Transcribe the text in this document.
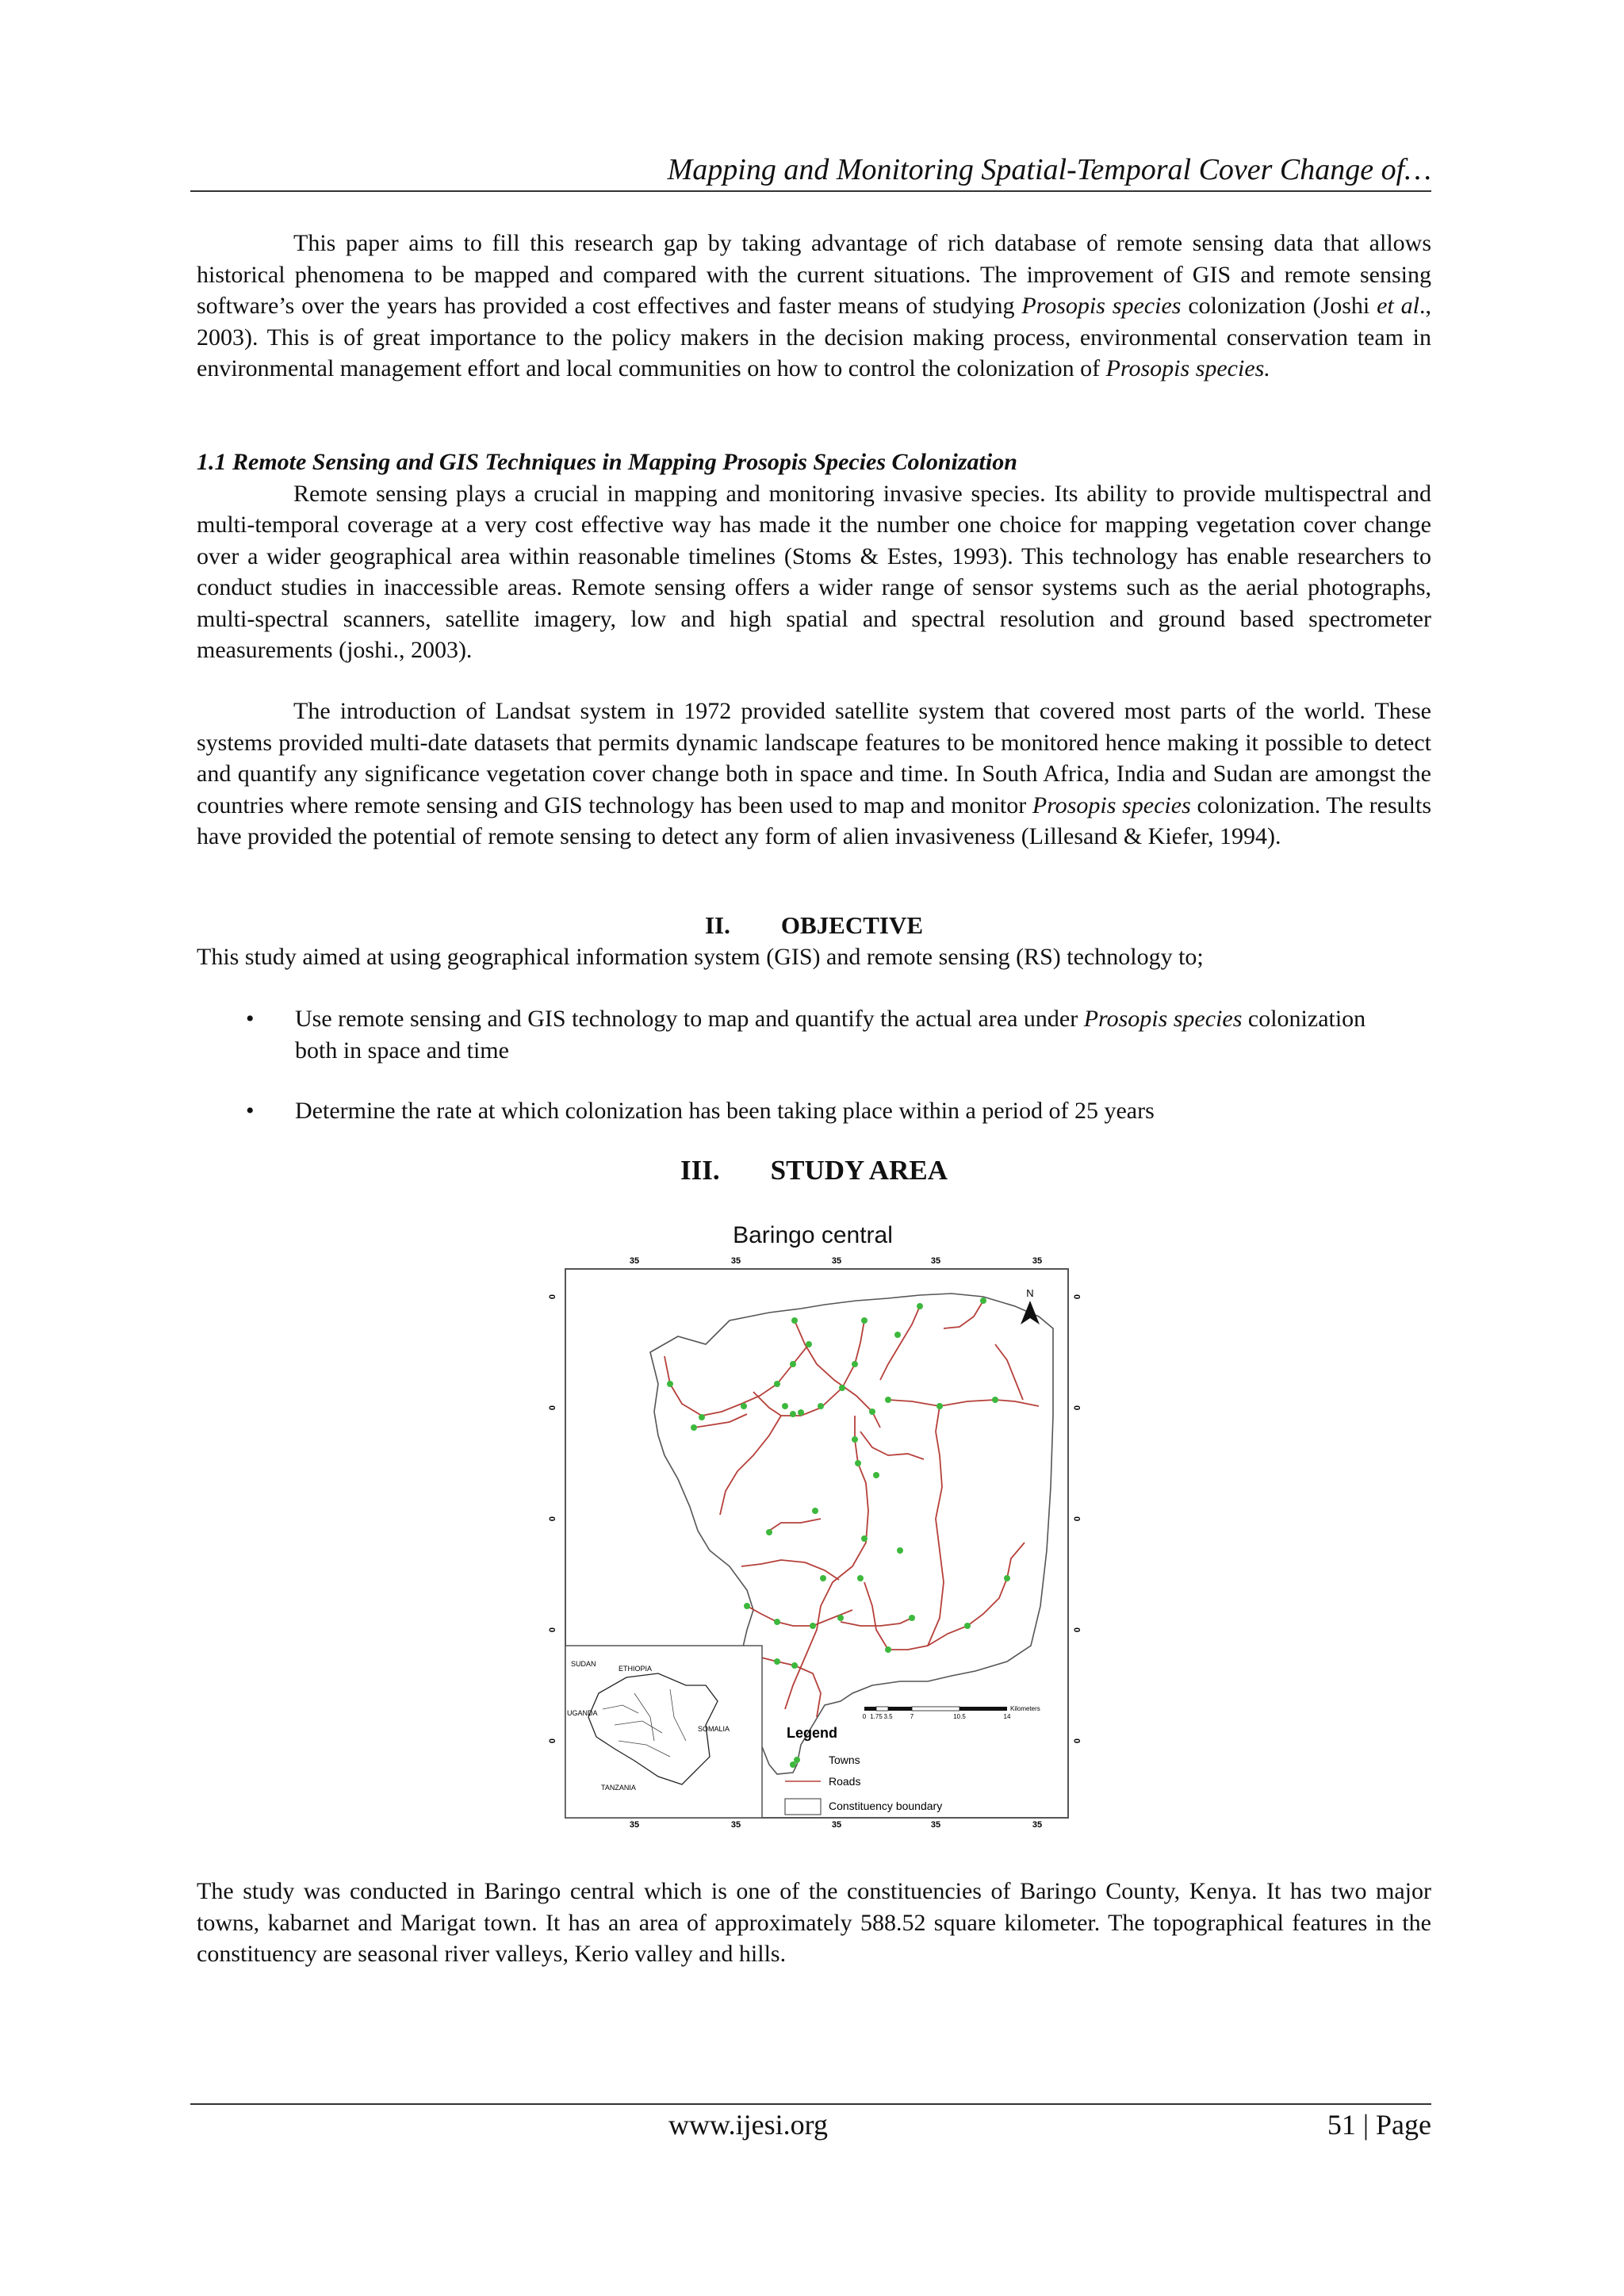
Mapping and Monitoring Spatial-Temporal Cover Change of…

This paper aims to fill this research gap by taking advantage of rich database of remote sensing data that allows historical phenomena to be mapped and compared with the current situations. The improvement of GIS and remote sensing software’s over the years has provided a cost effectives and faster means of studying Prosopis species colonization (Joshi et al., 2003). This is of great importance to the policy makers in the decision making process, environmental conservation team in environmental management effort and local communities on how to control the colonization of Prosopis species.

1.1 Remote Sensing and GIS Techniques in Mapping Prosopis Species Colonization

Remote sensing plays a crucial in mapping and monitoring invasive species. Its ability to provide multispectral and multi-temporal coverage at a very cost effective way has made it the number one choice for mapping vegetation cover change over a wider geographical area within reasonable timelines (Stoms & Estes, 1993). This technology has enable researchers to conduct studies in inaccessible areas. Remote sensing offers a wider range of sensor systems such as the aerial photographs, multi-spectral scanners, satellite imagery, low and high spatial and spectral resolution and ground based spectrometer measurements (joshi., 2003).

The introduction of Landsat system in 1972 provided satellite system that covered most parts of the world. These systems provided multi-date datasets that permits dynamic landscape features to be monitored hence making it possible to detect and quantify any significance vegetation cover change both in space and time. In South Africa, India and Sudan are amongst the countries where remote sensing and GIS technology has been used to map and monitor Prosopis species colonization. The results have provided the potential of remote sensing to detect any form of alien invasiveness (Lillesand & Kiefer, 1994).

II. OBJECTIVE

This study aimed at using geographical information system (GIS) and remote sensing (RS) technology to;

• Use remote sensing and GIS technology to map and quantify the actual area under Prosopis species colonization both in space and time
• Determine the rate at which colonization has been taking place within a period of 25 years
III. STUDY AREA
Baringo central
35	35	35	35	35
35	35	35	35	35
0
0
0
0
0
0
0
0
0
0
N
SUDAN
ETHIOPIA
UGANDA
SOMALIA
TANZANIA
0 1.75 3.5	7	10.5	14
Kilometers
Legend
Towns
Roads
Constituency boundary

The study was conducted in Baringo central which is one of the constituencies of Baringo County, Kenya. It has two major towns, kabarnet and Marigat town. It has an area of approximately 588.52 square kilometer. The topographical features in the constituency are seasonal river valleys, Kerio valley and hills.

www.ijesi.org	51 | Page
